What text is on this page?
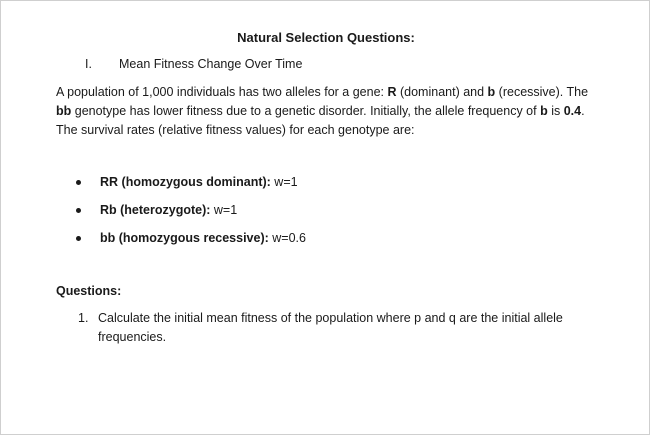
Natural Selection Questions:
I. Mean Fitness Change Over Time
A population of 1,000 individuals has two alleles for a gene: R (dominant) and b (recessive). The bb genotype has lower fitness due to a genetic disorder. Initially, the allele frequency of b is 0.4. The survival rates (relative fitness values) for each genotype are:
RR (homozygous dominant): w=1
Rb (heterozygote): w=1
bb (homozygous recessive): w=0.6
Questions:
1. Calculate the initial mean fitness of the population where p and q are the initial allele frequencies.
